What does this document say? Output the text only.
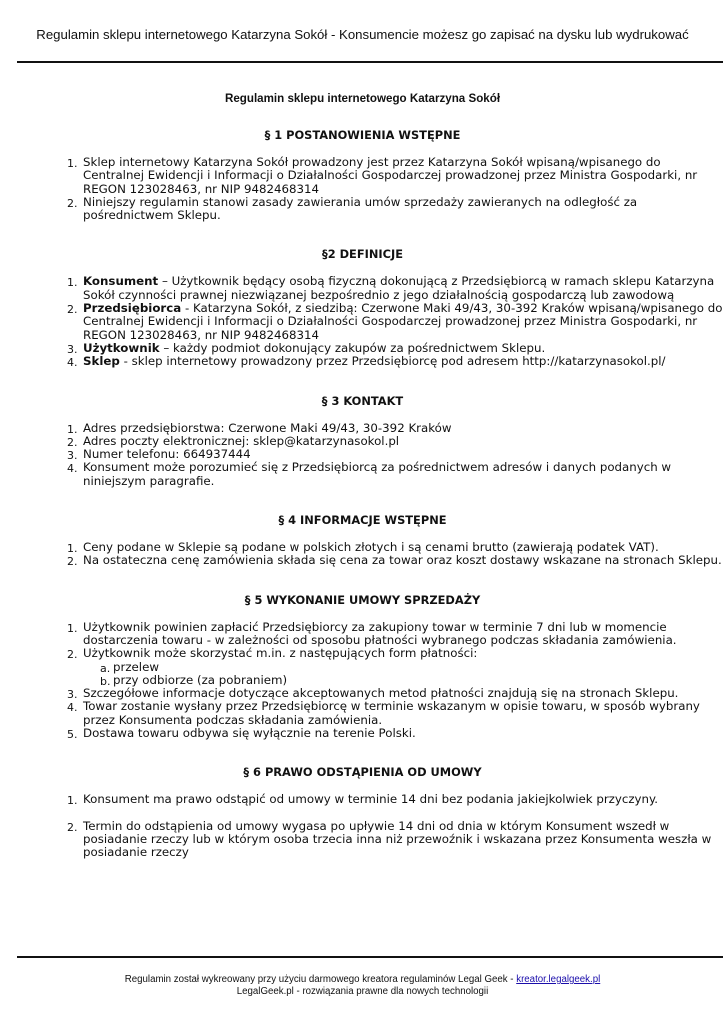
Regulamin sklepu internetowego Katarzyna Sokół - Konsumencie możesz go zapisać na dysku lub wydrukować
Regulamin sklepu internetowego Katarzyna Sokół
§ 1 POSTANOWIENIA WSTĘPNE
1. Sklep internetowy Katarzyna Sokół prowadzony jest przez Katarzyna Sokół wpisaną/wpisanego do Centralnej Ewidencji i Informacji o Działalności Gospodarczej prowadzonej przez Ministra Gospodarki, nr REGON 123028463, nr NIP 9482468314
2. Niniejszy regulamin stanowi zasady zawierania umów sprzedaży zawieranych na odległość za pośrednictwem Sklepu.
§2 DEFINICJE
1. Konsument – Użytkownik będący osobą fizyczną dokonującą z Przedsiębiorcą w ramach sklepu Katarzyna Sokół czynności prawnej niezwiązanej bezpośrednio z jego działalnością gospodarczą lub zawodową
2. Przedsiębiorca - Katarzyna Sokół, z siedzibą: Czerwone Maki 49/43, 30-392 Kraków wpisaną/wpisanego do Centralnej Ewidencji i Informacji o Działalności Gospodarczej prowadzonej przez Ministra Gospodarki, nr REGON 123028463, nr NIP 9482468314
3. Użytkownik – każdy podmiot dokonujący zakupów za pośrednictwem Sklepu.
4. Sklep - sklep internetowy prowadzony przez Przedsiębiorcę pod adresem http://katarzynasokol.pl/
§ 3 KONTAKT
1. Adres przedsiębiorstwa: Czerwone Maki 49/43, 30-392 Kraków
2. Adres poczty elektronicznej: sklep@katarzynasokol.pl
3. Numer telefonu: 664937444
4. Konsument może porozumieć się z Przedsiębiorcą za pośrednictwem adresów i danych podanych w niniejszym paragrafie.
§ 4 INFORMACJE WSTĘPNE
1. Ceny podane w Sklepie są podane w polskich złotych i są cenami brutto (zawierają podatek VAT).
2. Na ostateczna cenę zamówienia składa się cena za towar oraz koszt dostawy wskazane na stronach Sklepu.
§ 5 WYKONANIE UMOWY SPRZEDAŻY
1. Użytkownik powinien zapłacić Przedsiębiorcy za zakupiony towar w terminie 7 dni lub w momencie dostarczenia towaru - w zależności od sposobu płatności wybranego podczas składania zamówienia.
2. Użytkownik może skorzystać m.in. z następujących form płatności:
a. przelew
b. przy odbiorze (za pobraniem)
3. Szczegółowe informacje dotyczące akceptowanych metod płatności znajdują się na stronach Sklepu.
4. Towar zostanie wysłany przez Przedsiębiorcę w terminie wskazanym w opisie towaru, w sposób wybrany przez Konsumenta podczas składania zamówienia.
5. Dostawa towaru odbywa się wyłącznie na terenie Polski.
§ 6 PRAWO ODSTĄPIENIA OD UMOWY
1. Konsument ma prawo odstąpić od umowy w terminie 14 dni bez podania jakiejkolwiek przyczyny.
2. Termin do odstąpienia od umowy wygasa po upływie 14 dni od dnia w którym Konsument wszedł w posiadanie rzeczy lub w którym osoba trzecia inna niż przewoźnik i wskazana przez Konsumenta weszła w posiadanie rzeczy
Regulamin został wykreowany przy użyciu darmowego kreatora regulaminów Legal Geek - kreator.legalgeek.pl
LegalGeek.pl - rozwiązania prawne dla nowych technologii
